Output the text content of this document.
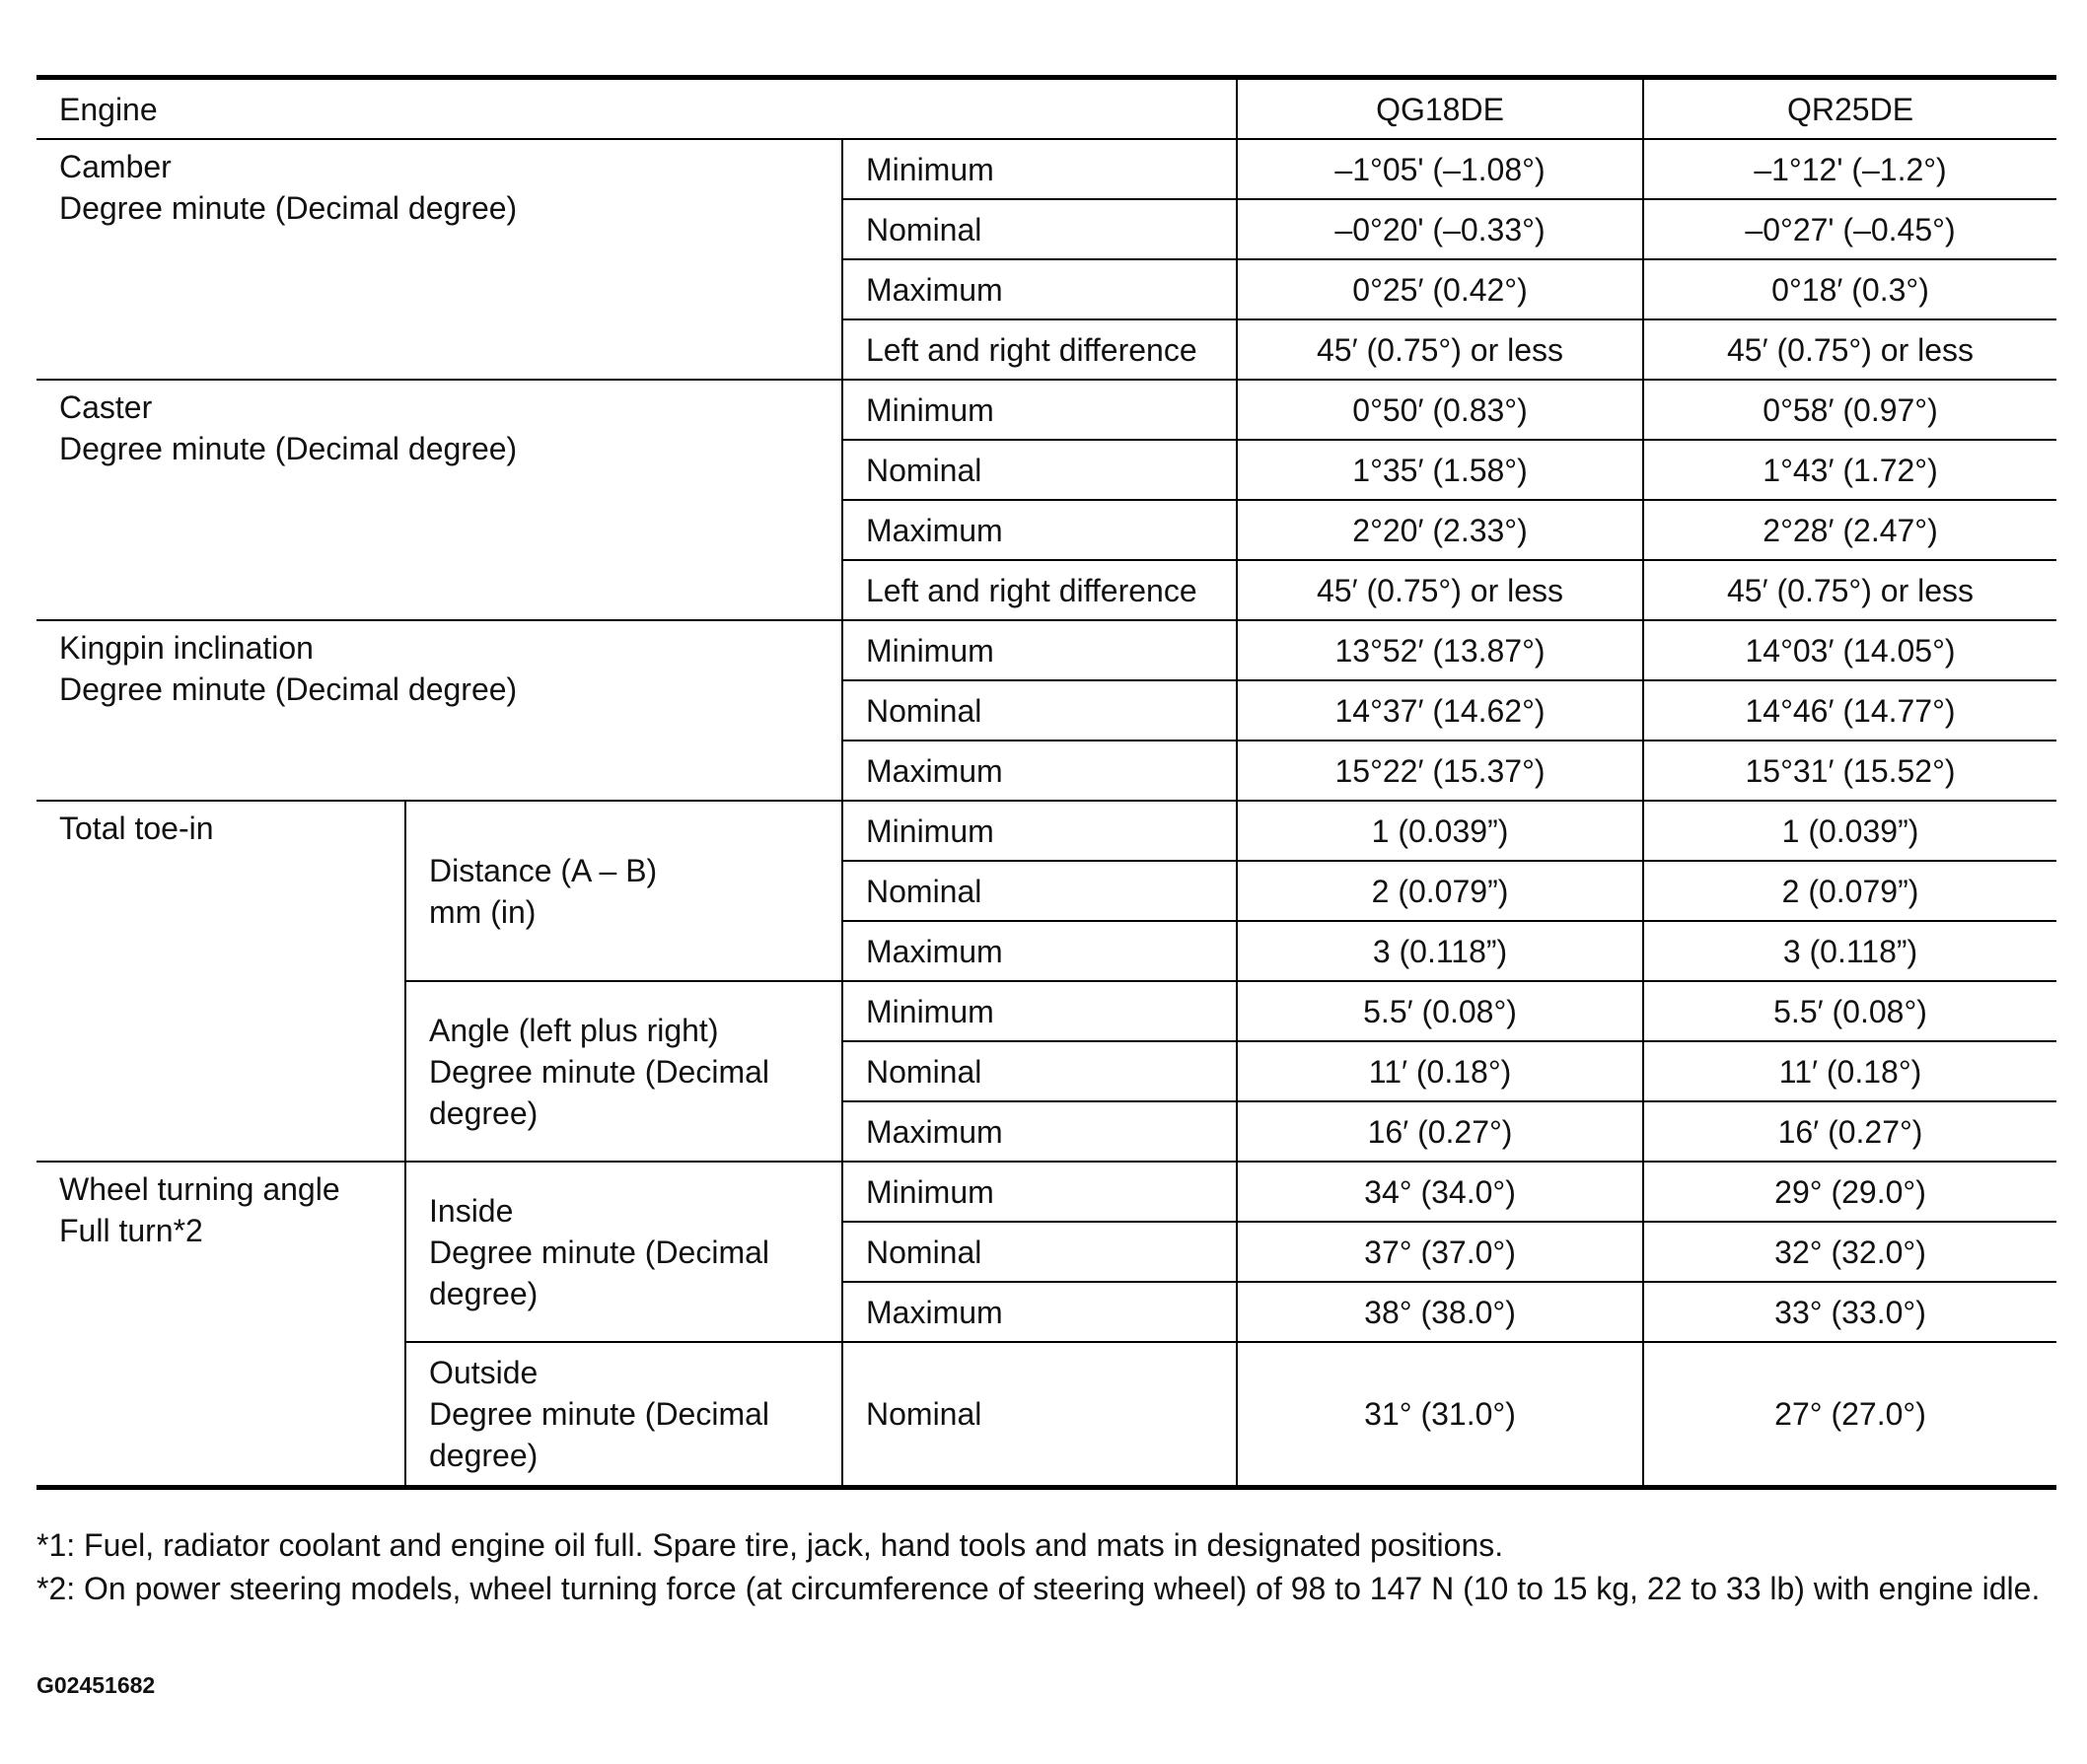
Engine			QG18DE	QR25DE

Camber
Degree minute (Decimal degree)		Minimum	–1°05' (–1.08°)	–1°12' (–1.2°)
		Nominal	–0°20' (–0.33°)	–0°27' (–0.45°)
		Maximum	0°25′ (0.42°)	0°18′ (0.3°)
		Left and right difference	45′ (0.75°) or less	45′ (0.75°) or less

Caster
Degree minute (Decimal degree)		Minimum	0°50′ (0.83°)	0°58′ (0.97°)
		Nominal	1°35′ (1.58°)	1°43′ (1.72°)
		Maximum	2°20′ (2.33°)	2°28′ (2.47°)
		Left and right difference	45′ (0.75°) or less	45′ (0.75°) or less

Kingpin inclination
Degree minute (Decimal degree)		Minimum	13°52′ (13.87°)	14°03′ (14.05°)
		Nominal	14°37′ (14.62°)	14°46′ (14.77°)
		Maximum	15°22′ (15.37°)	15°31′ (15.52°)

Total toe-in	Distance (A – B)
mm (in)	Minimum	1 (0.039”)	1 (0.039”)
		Nominal	2 (0.079”)	2 (0.079”)
		Maximum	3 (0.118”)	3 (0.118”)

	Angle (left plus right)
Degree minute (Decimal
degree)	Minimum	5.5′ (0.08°)	5.5′ (0.08°)
		Nominal	11′ (0.18°)	11′ (0.18°)
		Maximum	16′ (0.27°)	16′ (0.27°)

Wheel turning angle
Full turn*2	Inside
Degree minute (Decimal
degree)	Minimum	34° (34.0°)	29° (29.0°)
		Nominal	37° (37.0°)	32° (32.0°)
		Maximum	38° (38.0°)	33° (33.0°)

	Outside
Degree minute (Decimal
degree)	Nominal	31° (31.0°)	27° (27.0°)

*1: Fuel, radiator coolant and engine oil full. Spare tire, jack, hand tools and mats in designated positions.

*2: On power steering models, wheel turning force (at circumference of steering wheel) of 98 to 147 N (10 to 15 kg, 22 to 33 lb) with engine idle.

G02451682
